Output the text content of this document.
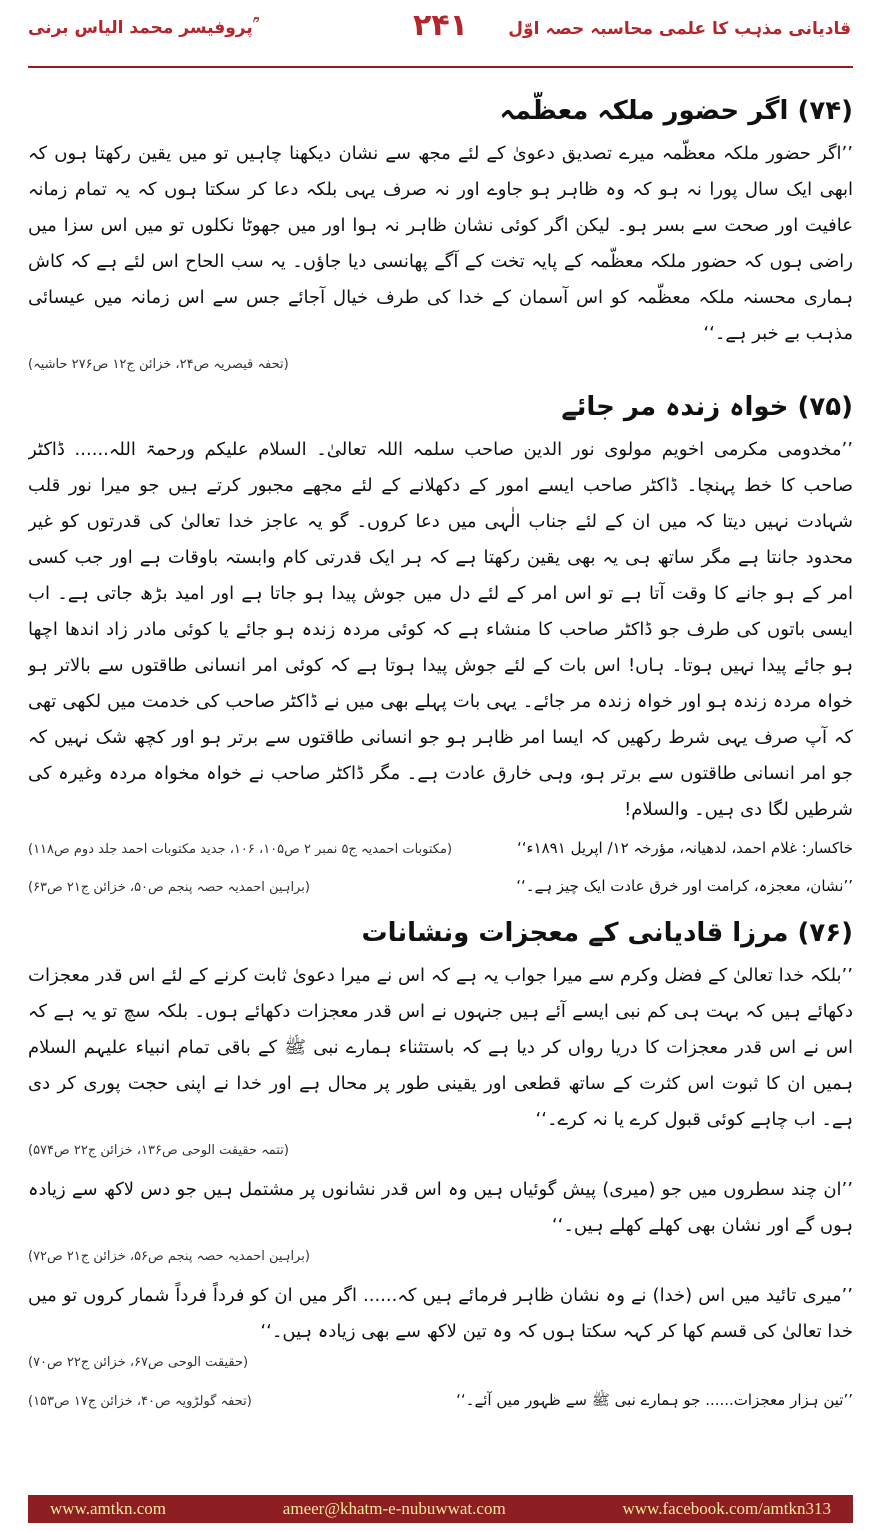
پروفیسر محمد الیاس برنی ؒ	۲۴۱	قادیانی مذہب کا علمی محاسبہ حصہ اوّل
(۷۴) اگر حضور ملکہ معظّمہ

’’اگر حضور ملکہ معظّمہ میرے تصدیق دعویٰ کے لئے مجھ سے نشان دیکھنا چاہیں تو میں یقین رکھتا ہوں کہ ابھی ایک سال پورا نہ ہو کہ وہ ظاہر ہو جاوے اور نہ صرف یہی بلکہ دعا کر سکتا ہوں کہ یہ تمام زمانہ عافیت اور صحت سے بسر ہو۔ لیکن اگر کوئی نشان ظاہر نہ ہوا اور میں جھوٹا نکلوں تو میں اس سزا میں راضی ہوں کہ حضور ملکہ معظّمہ کے پایہ تخت کے آگے پھانسی دیا جاؤں۔ یہ سب الحاح اس لئے ہے کہ کاش ہماری محسنہ ملکہ معظّمہ کو اس آسمان کے خدا کی طرف خیال آجائے جس سے اس زمانہ میں عیسائی مذہب بے خبر ہے۔‘‘

(تحفہ قیصریہ ص۲۴، خزائن ج۱۲ ص۲۷۶ حاشیہ)
(۷۵) خواہ زندہ مر جائے

’’مخدومی مکرمی اخویم مولوی نور الدین صاحب سلمہ اللہ تعالیٰ۔ السلام علیکم ورحمۃ اللہ...... ڈاکٹر صاحب کا خط پہنچا۔ ڈاکٹر صاحب ایسے امور کے دکھلانے کے لئے مجھے مجبور کرتے ہیں جو میرا نور قلب شہادت نہیں دیتا کہ میں ان کے لئے جناب الٰہی میں دعا کروں۔ گو یہ عاجز خدا تعالیٰ کی قدرتوں کو غیر محدود جانتا ہے مگر ساتھ ہی یہ بھی یقین رکھتا ہے کہ ہر ایک قدرتی کام وابستہ باوقات ہے اور جب کسی امر کے ہو جانے کا وقت آتا ہے تو اس امر کے لئے دل میں جوش پیدا ہو جاتا ہے اور امید بڑھ جاتی ہے۔ اب ایسی باتوں کی طرف جو ڈاکٹر صاحب کا منشاء ہے کہ کوئی مردہ زندہ ہو جائے یا کوئی مادر زاد اندھا اچھا ہو جائے پیدا نہیں ہوتا۔ ہاں! اس بات کے لئے جوش پیدا ہوتا ہے کہ کوئی امر انسانی طاقتوں سے بالاتر ہو خواہ مردہ زندہ ہو اور خواہ زندہ مر جائے۔ یہی بات پہلے بھی میں نے ڈاکٹر صاحب کی خدمت میں لکھی تھی کہ آپ صرف یہی شرط رکھیں کہ ایسا امر ظاہر ہو جو انسانی طاقتوں سے برتر ہو اور کچھ شک نہیں کہ جو امر انسانی طاقتوں سے برتر ہو، وہی خارق عادت ہے۔ مگر ڈاکٹر صاحب نے خواہ مخواہ مردہ وغیرہ کی شرطیں لگا دی ہیں۔ والسلام!

خاکسار: غلام احمد، لدھیانہ، مؤرخہ ۱۲/ اپریل ۱۸۹۱ء‘‘
(مکتوبات احمدیہ ج۵ نمبر ۲ ص۱۰۵، ۱۰۶، جدید مکتوبات احمد جلد دوم ص۱۱۸)
’’نشان، معجزہ، کرامت اور خرق عادت ایک چیز ہے۔‘‘
(براہین احمدیہ حصہ پنجم ص۵۰، خزائن ج۲۱ ص۶۳)
(۷۶) مرزا قادیانی کے معجزات ونشانات

’’بلکہ خدا تعالیٰ کے فضل وکرم سے میرا جواب یہ ہے کہ اس نے میرا دعویٰ ثابت کرنے کے لئے اس قدر معجزات دکھائے ہیں کہ بہت ہی کم نبی ایسے آئے ہیں جنہوں نے اس قدر معجزات دکھائے ہوں۔ بلکہ سچ تو یہ ہے کہ اس نے اس قدر معجزات کا دریا رواں کر دیا ہے کہ باستثناء ہمارے نبی ﷺ کے باقی تمام انبیاء علیہم السلام ہمیں ان کا ثبوت اس کثرت کے ساتھ قطعی اور یقینی طور پر محال ہے اور خدا نے اپنی حجت پوری کر دی ہے۔ اب چاہے کوئی قبول کرے یا نہ کرے۔‘‘

(تتمہ حقیقت الوحی ص۱۳۶، خزائن ج۲۲ ص۵۷۴)

’’ان چند سطروں میں جو (میری) پیش گوئیاں ہیں وہ اس قدر نشانوں پر مشتمل ہیں جو دس لاکھ سے زیادہ ہوں گے اور نشان بھی کھلے کھلے ہیں۔‘‘

(براہین احمدیہ حصہ پنجم ص۵۶، خزائن ج۲۱ ص۷۲)

’’میری تائید میں اس (خدا) نے وہ نشان ظاہر فرمائے ہیں کہ...... اگر میں ان کو فرداً فرداً شمار کروں تو میں خدا تعالیٰ کی قسم کھا کر کہہ سکتا ہوں کہ وہ تین لاکھ سے بھی زیادہ ہیں۔‘‘

(حقیقت الوحی ص۶۷، خزائن ج۲۲ ص۷۰)
’’تین ہزار معجزات...... جو ہمارے نبی ﷺ سے ظہور میں آئے۔‘‘
(تحفہ گولڑویہ ص۴۰، خزائن ج۱۷ ص۱۵۳)
www.amtkn.com	ameer@khatm-e-nubuwwat.com	www.facebook.com/amtkn313
